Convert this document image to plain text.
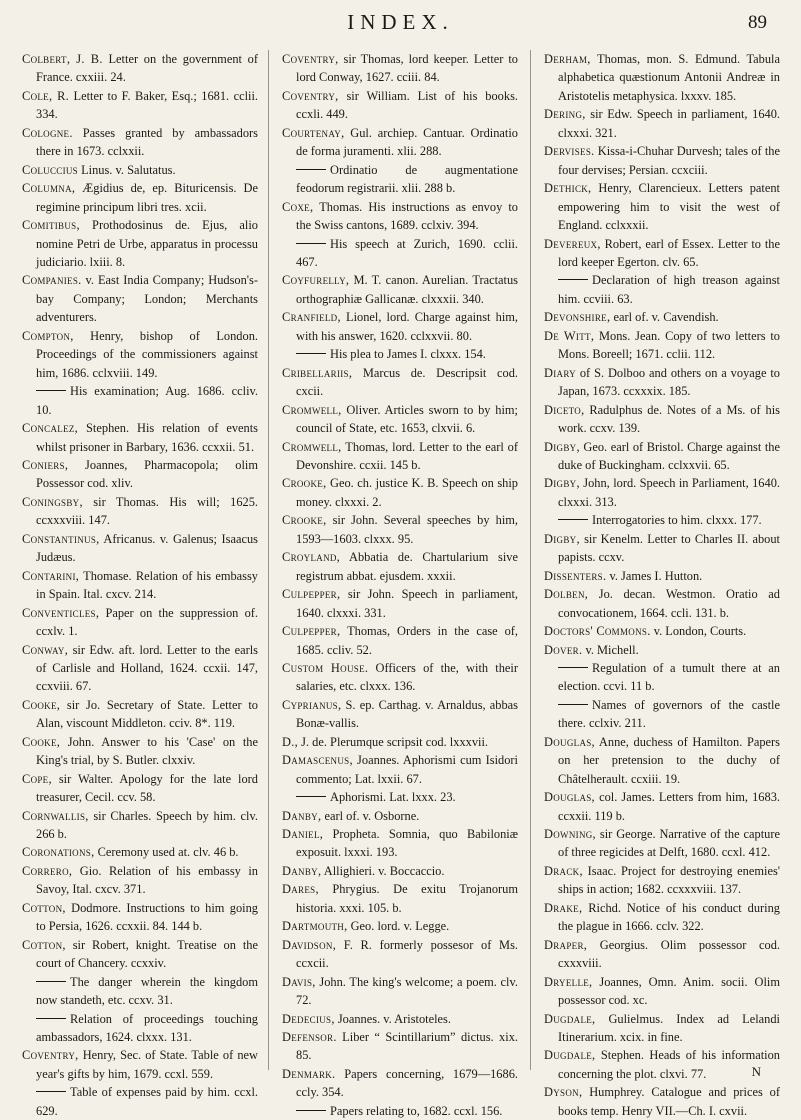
INDEX.	89

Colbert, J. B. Letter on the government of France. cxxiii. 24.

Cole, R. Letter to F. Baker, Esq.; 1681. cclii. 334.

Cologne. Passes granted by ambassadors there in 1673. cclxxii.

Coluccius Linus. v. Salutatus.

Columna, Ægidius de, ep. Bituricensis. De regimine principum libri tres. xcii.

Comitibus, Prothodosinus de. Ejus, alio nomine Petri de Urbe, apparatus in processu judiciario. lxiii. 8.

Companies. v. East India Company; Hudson's-bay Company; London; Merchants adventurers.

Compton, Henry, bishop of London. Proceedings of the commissioners against him, 1686. cclxviii. 149.

His examination; Aug. 1686. ccliv. 10.

Concalez, Stephen. His relation of events whilst prisoner in Barbary, 1636. ccxxii. 51.

Coniers, Joannes, Pharmacopola; olim Possessor cod. xliv.

Coningsby, sir Thomas. His will; 1625. ccxxxviii. 147.

Constantinus, Africanus. v. Galenus; Isaacus Judæus.

Contarini, Thomase. Relation of his embassy in Spain. Ital. cxcv. 214.

Conventicles, Paper on the suppression of. ccxlv. 1.

Conway, sir Edw. aft. lord. Letter to the earls of Carlisle and Holland, 1624. ccxii. 147, ccxviii. 67.

Cooke, sir Jo. Secretary of State. Letter to Alan, viscount Middleton. cciv. 8*. 119.

Cooke, John. Answer to his 'Case' on the King's trial, by S. Butler. clxxiv.

Cope, sir Walter. Apology for the late lord treasurer, Cecil. ccv. 58.

Cornwallis, sir Charles. Speech by him. clv. 266 b.

Coronations, Ceremony used at. clv. 46 b.

Correro, Gio. Relation of his embassy in Savoy, Ital. cxcv. 371.

Cotton, Dodmore. Instructions to him going to Persia, 1626. ccxxii. 84. 144 b.

Cotton, sir Robert, knight. Treatise on the court of Chancery. ccxxiv.

The danger wherein the kingdom now standeth, etc. ccxv. 31.

Relation of proceedings touching ambassadors, 1624. clxxx. 131.

Coventry, Henry, Sec. of State. Table of new year's gifts by him, 1679. ccxl. 559.

Table of expenses paid by him. ccxl. 629.

Coventry, sir Thomas, lord keeper. Letter to lord Conway, 1627. cciii. 84.

Coventry, sir William. List of his books. ccxli. 449.

Courtenay, Gul. archiep. Cantuar. Ordinatio de forma juramenti. xlii. 288.

Ordinatio de augmentatione feodorum registrarii. xlii. 288 b.

Coxe, Thomas. His instructions as envoy to the Swiss cantons, 1689. cclxiv. 394.

His speech at Zurich, 1690. cclii. 467.

Coyfurelly, M. T. canon. Aurelian. Tractatus orthographiæ Gallicanæ. clxxxii. 340.

Cranfield, Lionel, lord. Charge against him, with his answer, 1620. cclxxvii. 80.

His plea to James I. clxxx. 154.

Cribellariis, Marcus de. Descripsit cod. cxcii.

Cromwell, Oliver. Articles sworn to by him; council of State, etc. 1653, clxvii. 6.

Cromwell, Thomas, lord. Letter to the earl of Devonshire. ccxii. 145 b.

Crooke, Geo. ch. justice K. B. Speech on ship money. clxxxi. 2.

Crooke, sir John. Several speeches by him, 1593—1603. clxxx. 95.

Croyland, Abbatia de. Chartularium sive registrum abbat. ejusdem. xxxii.

Culpepper, sir John. Speech in parliament, 1640. clxxxi. 331.

Culpepper, Thomas, Orders in the case of, 1685. ccliv. 52.

Custom House. Officers of the, with their salaries, etc. clxxx. 136.

Cyprianus, S. ep. Carthag. v. Arnaldus, abbas Bonæ-vallis.

D., J. de. Plerumque scripsit cod. lxxxvii.

Damascenus, Joannes. Aphorismi cum Isidori commento; Lat. lxxii. 67.

Aphorismi. Lat. lxxx. 23.

Danby, earl of. v. Osborne.

Daniel, Propheta. Somnia, quo Babiloniæ exposuit. lxxxi. 193.

Danby, Allighieri. v. Boccaccio.

Dares, Phrygius. De exitu Trojanorum historia. xxxi. 105. b.

Dartmouth, Geo. lord. v. Legge.

Davidson, F. R. formerly possesor of Ms. ccxcii.

Davis, John. The king's welcome; a poem. clv. 72.

Dedecius, Joannes. v. Aristoteles.

Defensor. Liber “ Scintillarium” dictus. xix. 85.

Denmark. Papers concerning, 1679—1686. ccly. 354.

Papers relating to, 1682. ccxl. 156.

Derham, Thomas, mon. S. Edmund. Tabula alphabetica quæstionum Antonii Andreæ in Aristotelis metaphysica. lxxxv. 185.

Dering, sir Edw. Speech in parliament, 1640. clxxxi. 321.

Dervises. Kissa-i-Chuhar Durvesh; tales of the four dervises; Persian. ccxciii.

Dethick, Henry, Clarencieux. Letters patent empowering him to visit the west of England. cclxxxii.

Devereux, Robert, earl of Essex. Letter to the lord keeper Egerton. clv. 65.

Declaration of high treason against him. ccviii. 63.

Devonshire, earl of. v. Cavendish.

De Witt, Mons. Jean. Copy of two letters to Mons. Boreell; 1671. cclii. 112.

Diary of S. Dolboo and others on a voyage to Japan, 1673. ccxxxix. 185.

Diceto, Radulphus de. Notes of a Ms. of his work. ccxv. 139.

Digby, Geo. earl of Bristol. Charge against the duke of Buckingham. cclxxvii. 65.

Digby, John, lord. Speech in Parliament, 1640. clxxxi. 313.

Interrogatories to him. clxxx. 177.

Digby, sir Kenelm. Letter to Charles II. about papists. ccxv.

Dissenters. v. James I. Hutton.

Dolben, Jo. decan. Westmon. Oratio ad convocationem, 1664. ccli. 131. b.

Doctors' Commons. v. London, Courts.

Dover. v. Michell.

Regulation of a tumult there at an election. ccvi. 11 b.

Names of governors of the castle there. cclxiv. 211.

Douglas, Anne, duchess of Hamilton. Papers on her pretension to the duchy of Châtelherault. ccxiii. 19.

Douglas, col. James. Letters from him, 1683. ccxxii. 119 b.

Downing, sir George. Narrative of the capture of three regicides at Delft, 1680. ccxl. 412.

Drack, Isaac. Project for destroying enemies' ships in action; 1682. ccxxxviii. 137.

Drake, Richd. Notice of his conduct during the plague in 1666. cclv. 322.

Draper, Georgius. Olim possessor cod. cxxxviii.

Dryelle, Joannes, Omn. Anim. socii. Olim possessor cod. xc.

Dugdale, Gulielmus. Index ad Lelandi Itinerarium. xcix. in fine.

Dugdale, Stephen. Heads of his information concerning the plot. clxvi. 77.

Dyson, Humphrey. Catalogue and prices of books temp. Henry VII.—Ch. I. cxvii.

N
